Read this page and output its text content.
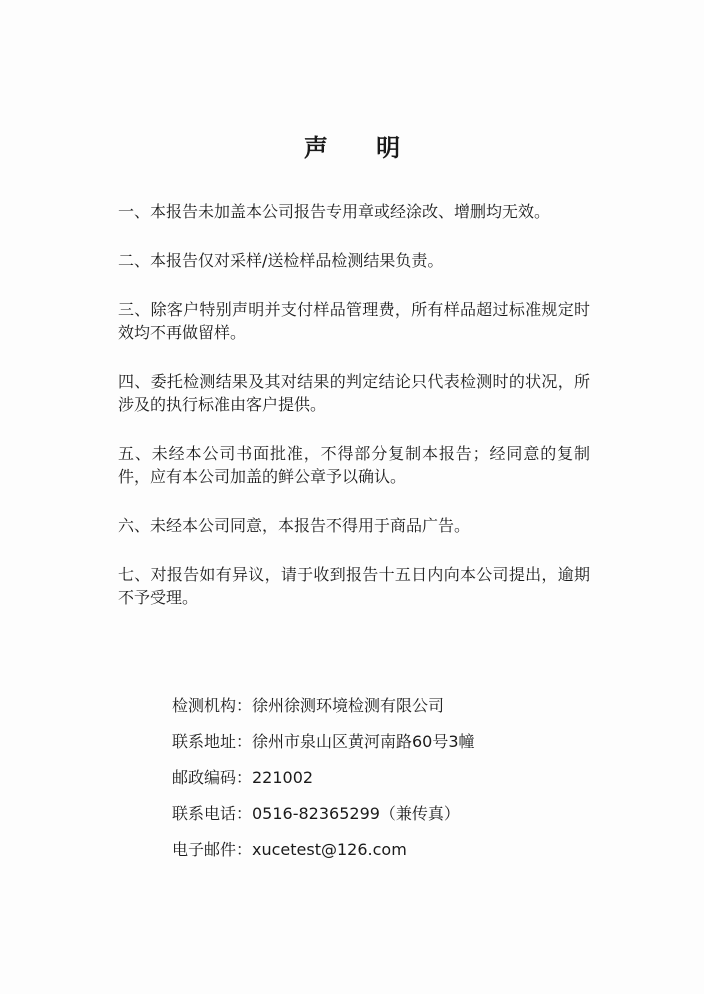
声 明

一、本报告未加盖本公司报告专用章或经涂改、增删均无效。

二、本报告仅对采样/送检样品检测结果负责。

三、除客户特别声明并支付样品管理费，所有样品超过标准规定时效均不再做留样。

四、委托检测结果及其对结果的判定结论只代表检测时的状况，所涉及的执行标准由客户提供。

五、未经本公司书面批准，不得部分复制本报告；经同意的复制件，应有本公司加盖的鲜公章予以确认。

六、未经本公司同意，本报告不得用于商品广告。

七、对报告如有异议，请于收到报告十五日内向本公司提出，逾期不予受理。

检测机构：徐州徐测环境检测有限公司
联系地址：徐州市泉山区黄河南路60号3幢
邮政编码：221002
联系电话：0516-82365299（兼传真）
电子邮件：xucetest@126.com
